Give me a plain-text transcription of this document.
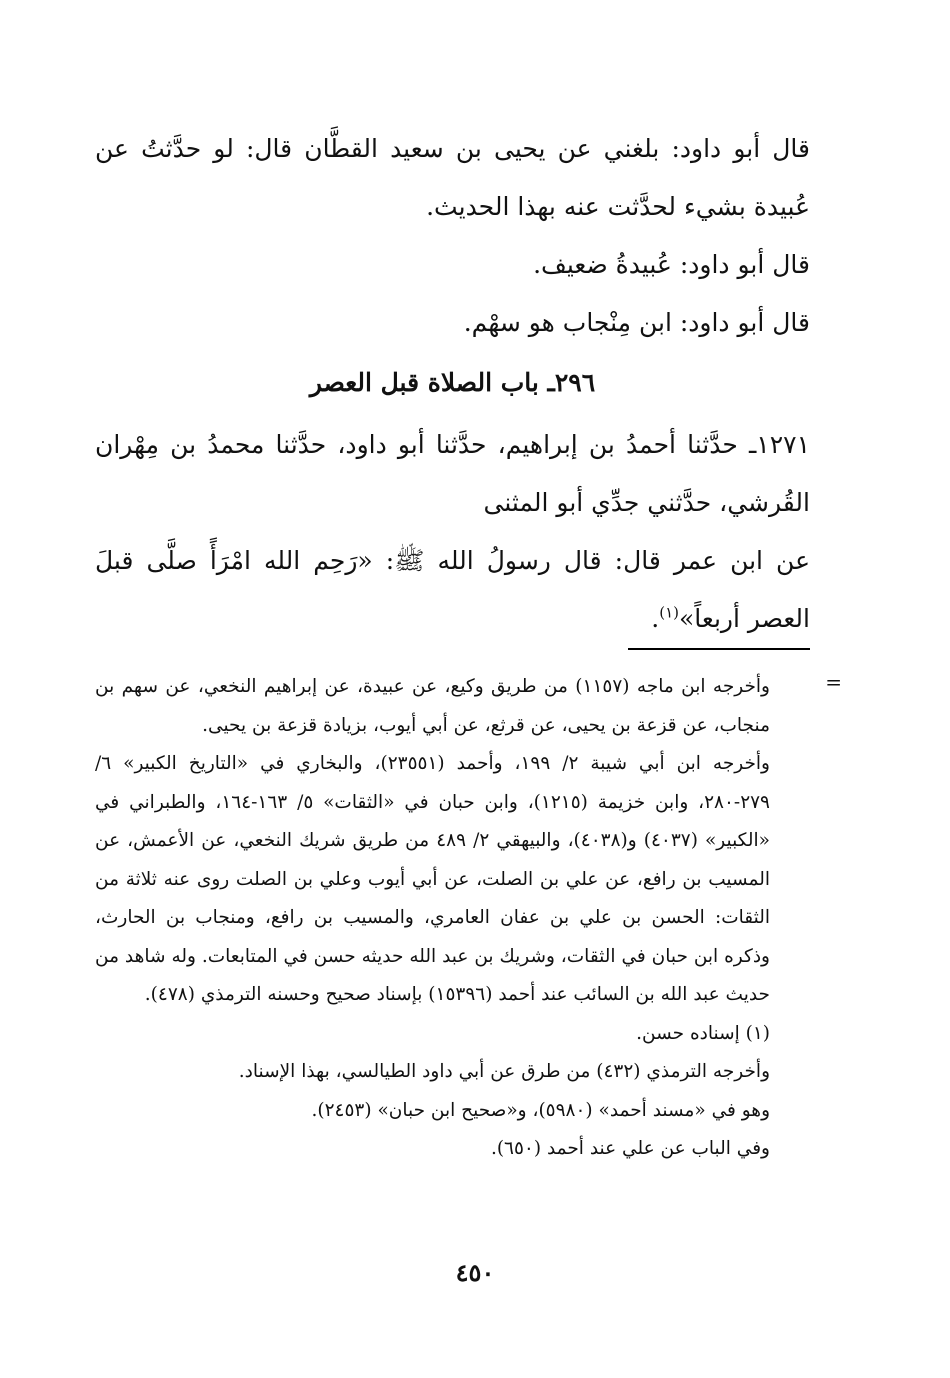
قال أبو داود: بلغني عن يحيى بن سعيد القطَّان قال: لو حدَّثتُ عن عُبيدة بشيء لحدَّثت عنه بهذا الحديث.

قال أبو داود: عُبيدةُ ضعيف.

قال أبو داود: ابن مِنْجاب هو سهْم.

٢٩٦ـ باب الصلاة قبل العصر

١٢٧١ـ حدَّثنا أحمدُ بن إبراهيم، حدَّثنا أبو داود، حدَّثنا محمدُ بن مِهْران القُرشي، حدَّثني جدِّي أبو المثنى

عن ابن عمر قال: قال رسولُ الله ﷺ: «رَحِم الله امْرَأً صلَّى قبلَ العصر أربعاً»$^{(١)}$.

=

وأخرجه ابن ماجه (١١٥٧) من طريق وكيع، عن عبيدة، عن إبراهيم النخعي، عن سهم بن منجاب، عن قزعة بن يحيى، عن قرثع، عن أبي أيوب، بزيادة قزعة بن يحيى.

وأخرجه ابن أبي شيبة ٢/ ١٩٩، وأحمد (٢٣٥٥١)، والبخاري في «التاريخ الكبير» ٦/ ٢٧٩-٢٨٠، وابن خزيمة (١٢١٥)، وابن حبان في «الثقات» ٥/ ١٦٣-١٦٤، والطبراني في «الكبير» (٤٠٣٧) و(٤٠٣٨)، والبيهقي ٢/ ٤٨٩ من طريق شريك النخعي، عن الأعمش، عن المسيب بن رافع، عن علي بن الصلت، عن أبي أيوب وعلي بن الصلت روى عنه ثلاثة من الثقات: الحسن بن علي بن عفان العامري، والمسيب بن رافع، ومنجاب بن الحارث، وذكره ابن حبان في الثقات، وشريك بن عبد الله حديثه حسن في المتابعات. وله شاهد من حديث عبد الله بن السائب عند أحمد (١٥٣٩٦) بإسناد صحيح وحسنه الترمذي (٤٧٨).

(١) إسناده حسن.

وأخرجه الترمذي (٤٣٢) من طرق عن أبي داود الطيالسي، بهذا الإسناد.

وهو في «مسند أحمد» (٥٩٨٠)، و«صحيح ابن حبان» (٢٤٥٣).

وفي الباب عن علي عند أحمد (٦٥٠).

٤٥٠
